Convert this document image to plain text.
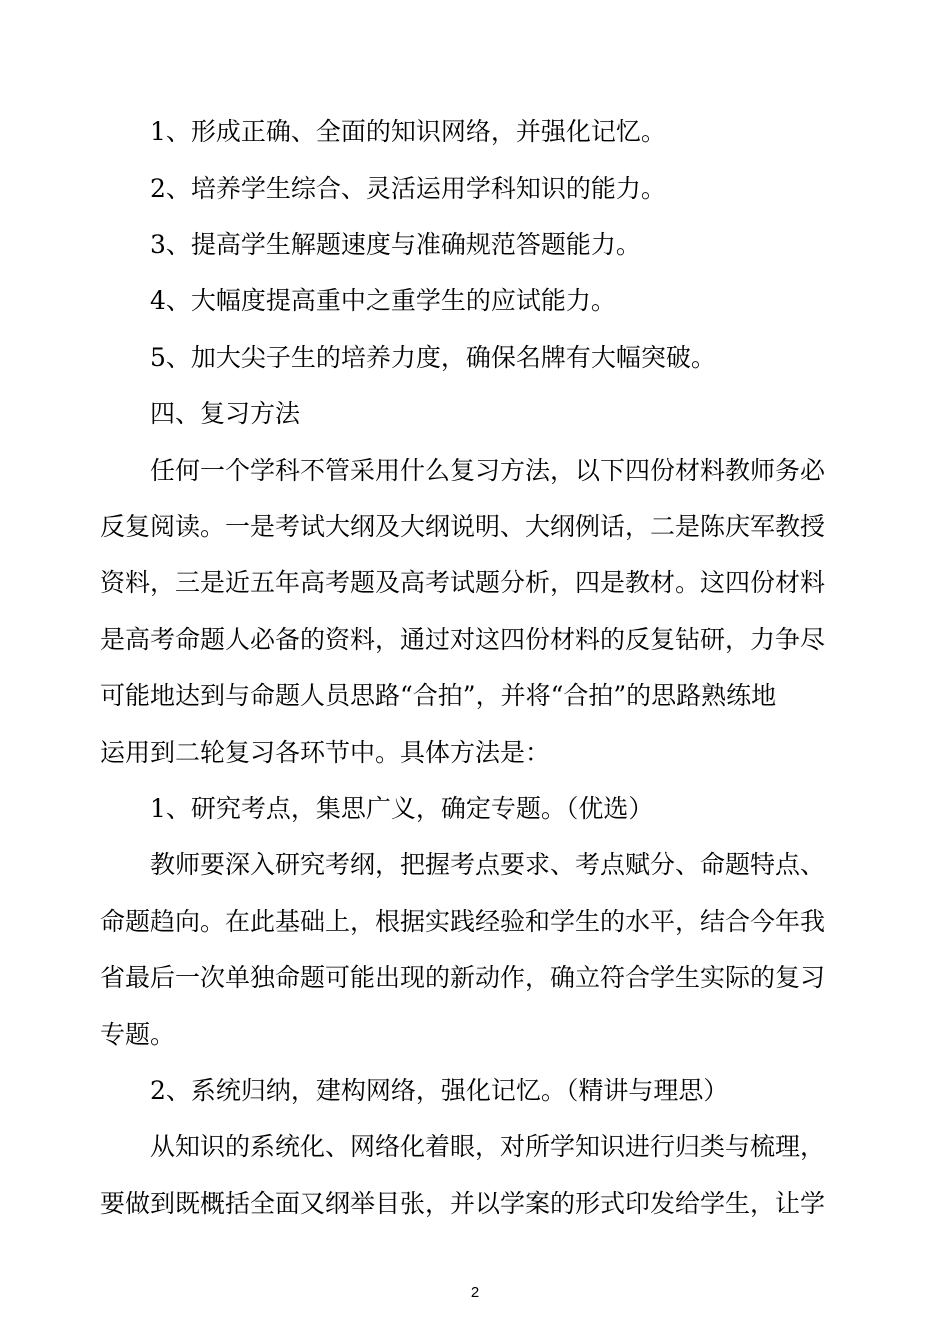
1、形成正确、全面的知识网络，并强化记忆。
2、培养学生综合、灵活运用学科知识的能力。
3、提高学生解题速度与准确规范答题能力。
4、大幅度提高重中之重学生的应试能力。
5、加大尖子生的培养力度，确保名牌有大幅突破。
四、复习方法
任何一个学科不管采用什么复习方法，以下四份材料教师务必
反复阅读。一是考试大纲及大纲说明、大纲例话，二是陈庆军教授
资料，三是近五年高考题及高考试题分析，四是教材。这四份材料
是高考命题人必备的资料，通过对这四份材料的反复钻研，力争尽
可能地达到与命题人员思路“合拍”，并将“合拍”的思路熟练地
运用到二轮复习各环节中。具体方法是：
1、研究考点，集思广义，确定专题。（优选）
教师要深入研究考纲，把握考点要求、考点赋分、命题特点、
命题趋向。在此基础上，根据实践经验和学生的水平，结合今年我
省最后一次单独命题可能出现的新动作，确立符合学生实际的复习
专题。
2、系统归纳，建构网络，强化记忆。（精讲与理思）
从知识的系统化、网络化着眼，对所学知识进行归类与梳理，
要做到既概括全面又纲举目张，并以学案的形式印发给学生，让学
2
